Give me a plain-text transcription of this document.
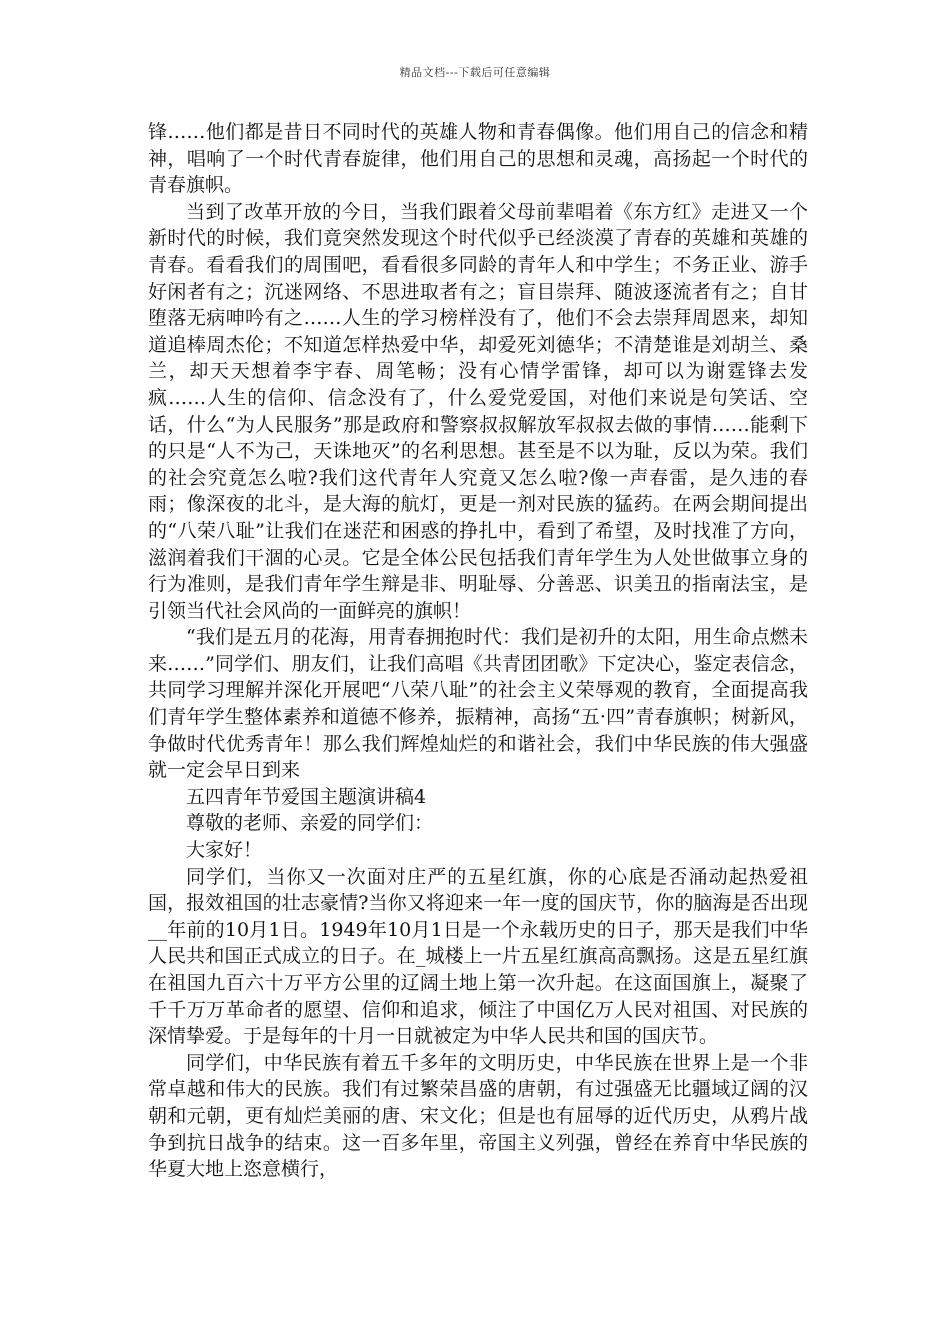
精品文档---下载后可任意编辑

锋……他们都是昔日不同时代的英雄人物和青春偶像。他们用自己的信念和精神，唱响了一个时代青春旋律，他们用自己的思想和灵魂，高扬起一个时代的青春旗帜。

当到了改革开放的今日，当我们跟着父母前辈唱着《东方红》走进又一个新时代的时候，我们竟突然发现这个时代似乎已经淡漠了青春的英雄和英雄的青春。看看我们的周围吧，看看很多同龄的青年人和中学生；不务正业、游手好闲者有之；沉迷网络、不思进取者有之；盲目崇拜、随波逐流者有之；自甘堕落无病呻吟有之……人生的学习榜样没有了，他们不会去崇拜周恩来，却知道追棒周杰伦；不知道怎样热爱中华，却爱死刘德华；不清楚谁是刘胡兰、桑兰，却天天想着李宇春、周笔畅；没有心情学雷锋，却可以为谢霆锋去发疯……人生的信仰、信念没有了，什么爱党爱国，对他们来说是句笑话、空话，什么“为人民服务”那是政府和警察叔叔解放军叔叔去做的事情……能剩下的只是“人不为己，天诛地灭”的名利思想。甚至是不以为耻，反以为荣。我们的社会究竟怎么啦?我们这代青年人究竟又怎么啦?像一声春雷，是久违的春雨；像深夜的北斗，是大海的航灯，更是一剂对民族的猛药。在两会期间提出的“八荣八耻”让我们在迷茫和困惑的挣扎中，看到了希望，及时找准了方向，滋润着我们干涸的心灵。它是全体公民包括我们青年学生为人处世做事立身的行为准则，是我们青年学生辩是非、明耻辱、分善恶、识美丑的指南法宝，是引领当代社会风尚的一面鲜亮的旗帜！

“我们是五月的花海，用青春拥抱时代：我们是初升的太阳，用生命点燃未来……”同学们、朋友们，让我们高唱《共青团团歌》下定决心，鉴定表信念，共同学习理解并深化开展吧“八荣八耻”的社会主义荣辱观的教育，全面提高我们青年学生整体素养和道德不修养，振精神，高扬“五·四”青春旗帜；树新风，争做时代优秀青年！那么我们辉煌灿烂的和谐社会，我们中华民族的伟大强盛就一定会早日到来

五四青年节爱国主题演讲稿4

尊敬的老师、亲爱的同学们：

大家好！

同学们，当你又一次面对庄严的五星红旗，你的心底是否涌动起热爱祖国，报效祖国的壮志豪情?当你又将迎来一年一度的国庆节，你的脑海是否出现__年前的10月1日。1949年10月1日是一个永载历史的日子，那天是我们中华人民共和国正式成立的日子。在_城楼上一片五星红旗高高飘扬。这是五星红旗在祖国九百六十万平方公里的辽阔土地上第一次升起。在这面国旗上，凝聚了千千万万革命者的愿望、信仰和追求，倾注了中国亿万人民对祖国、对民族的深情挚爱。于是每年的十月一日就被定为中华人民共和国的国庆节。

同学们，中华民族有着五千多年的文明历史，中华民族在世界上是一个非常卓越和伟大的民族。我们有过繁荣昌盛的唐朝，有过强盛无比疆域辽阔的汉朝和元朝，更有灿烂美丽的唐、宋文化；但是也有屈辱的近代历史，从鸦片战争到抗日战争的结束。这一百多年里，帝国主义列强，曾经在养育中华民族的华夏大地上恣意横行，
